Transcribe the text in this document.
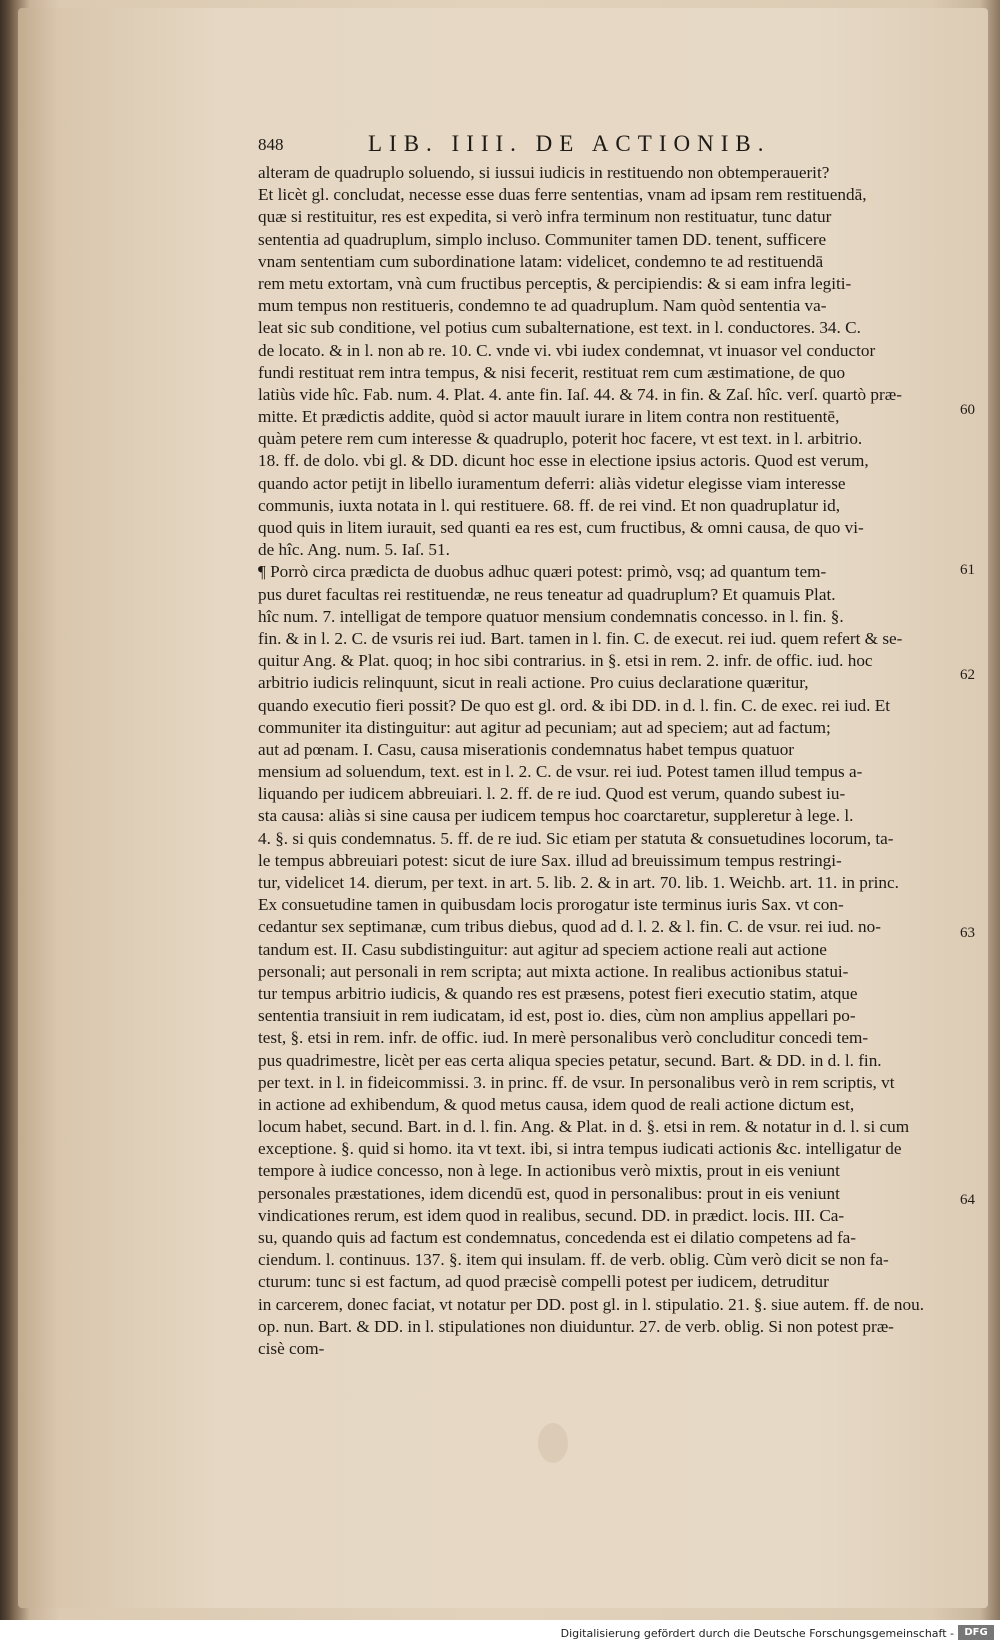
848	LIB. IIII. DE ACTIONIB.
alteram de quadruplo soluendo, si iussui iudicis in restituendo non obtemperauerit?
Et licèt gl. concludat, necesse esse duas ferre sententias, vnam ad ipsam rem restituendā,
quæ si restituitur, res est expedita, si verò infra terminum non restituatur, tunc datur
sententia ad quadruplum, simplo incluso. Communiter tamen DD. tenent, sufficere
vnam sententiam cum subordinatione latam: videlicet, condemno te ad restituendā
rem metu extortam, vnà cum fructibus perceptis, & percipiendis: & si eam infra legiti-
mum tempus non restitueris, condemno te ad quadruplum. Nam quòd sententia va-
leat sic sub conditione, vel potius cum subalternatione, est text. in l. conductores. 34. C.
de locato. & in l. non ab re. 10. C. vnde vi. vbi iudex condemnat, vt inuasor vel conductor
fundi restituat rem intra tempus, & nisi fecerit, restituat rem cum æstimatione, de quo
latiùs vide hîc. Fab. num. 4. Plat. 4. ante fin. Iaſ. 44. & 74. in fin. & Zaſ. hîc. verſ. quartò præ-
mitte. Et prædictis addite, quòd si actor mauult iurare in litem contra non restituentē,
quàm petere rem cum interesse & quadruplo, poterit hoc facere, vt est text. in l. arbitrio.
18. ff. de dolo. vbi gl. & DD. dicunt hoc esse in electione ipsius actoris. Quod est verum,
quando actor petijt in libello iuramentum deferri: aliàs videtur elegisse viam interesse
communis, iuxta notata in l. qui restituere. 68. ff. de rei vind. Et non quadruplatur id,
quod quis in litem iurauit, sed quanti ea res est, cum fructibus, & omni causa, de quo vi-
de hîc. Ang. num. 5. Iaſ. 51.
¶ Porrò circa prædicta de duobus adhuc quæri potest: primò, vsq; ad quantum tem-
pus duret facultas rei restituendæ, ne reus teneatur ad quadruplum? Et quamuis Plat.
hîc num. 7. intelligat de tempore quatuor mensium condemnatis concesso. in l. fin. §.
fin. & in l. 2. C. de vsuris rei iud. Bart. tamen in l. fin. C. de execut. rei iud. quem refert & se-
quitur Ang. & Plat. quoq; in hoc sibi contrarius. in §. etsi in rem. 2. infr. de offic. iud. hoc
arbitrio iudicis relinquunt, sicut in reali actione. Pro cuius declaratione quæritur,
quando executio fieri possit? De quo est gl. ord. & ibi DD. in d. l. fin. C. de exec. rei iud. Et
communiter ita distinguitur: aut agitur ad pecuniam; aut ad speciem; aut ad factum;
aut ad pœnam. I. Casu, causa miserationis condemnatus habet tempus quatuor
mensium ad soluendum, text. est in l. 2. C. de vsur. rei iud. Potest tamen illud tempus a-
liquando per iudicem abbreuiari. l. 2. ff. de re iud. Quod est verum, quando subest iu-
sta causa: aliàs si sine causa per iudicem tempus hoc coarctaretur, suppleretur à lege. l.
4. §. si quis condemnatus. 5. ff. de re iud. Sic etiam per statuta & consuetudines locorum, ta-
le tempus abbreuiari potest: sicut de iure Sax. illud ad breuissimum tempus restringi-
tur, videlicet 14. dierum, per text. in art. 5. lib. 2. & in art. 70. lib. 1. Weichb. art. 11. in princ.
Ex consuetudine tamen in quibusdam locis prorogatur iste terminus iuris Sax. vt con-
cedantur sex septimanæ, cum tribus diebus, quod ad d. l. 2. & l. fin. C. de vsur. rei iud. no-
tandum est. II. Casu subdistinguitur: aut agitur ad speciem actione reali aut actione
personali; aut personali in rem scripta; aut mixta actione. In realibus actionibus statui-
tur tempus arbitrio iudicis, & quando res est præsens, potest fieri executio statim, atque
sententia transiuit in rem iudicatam, id est, post io. dies, cùm non amplius appellari po-
test, §. etsi in rem. infr. de offic. iud. In merè personalibus verò concluditur concedi tem-
pus quadrimestre, licèt per eas certa aliqua species petatur, secund. Bart. & DD. in d. l. fin.
per text. in l. in fideicommissi. 3. in princ. ff. de vsur. In personalibus verò in rem scriptis, vt
in actione ad exhibendum, & quod metus causa, idem quod de reali actione dictum est,
locum habet, secund. Bart. in d. l. fin. Ang. & Plat. in d. §. etsi in rem. & notatur in d. l. si cum
exceptione. §. quid si homo. ita vt text. ibi, si intra tempus iudicati actionis &c. intelligatur de
tempore à iudice concesso, non à lege. In actionibus verò mixtis, prout in eis veniunt
personales præstationes, idem dicendū est, quod in personalibus: prout in eis veniunt
vindicationes rerum, est idem quod in realibus, secund. DD. in prædict. locis. III. Ca-
su, quando quis ad factum est condemnatus, concedenda est ei dilatio competens ad fa-
ciendum. l. continuus. 137. §. item qui insulam. ff. de verb. oblig. Cùm verò dicit se non fa-
cturum: tunc si est factum, ad quod præcisè compelli potest per iudicem, detruditur
in carcerem, donec faciat, vt notatur per DD. post gl. in l. stipulatio. 21. §. siue autem. ff. de nou.
op. nun. Bart. & DD. in l. stipulationes non diuiduntur. 27. de verb. oblig. Si non potest præ-
cisè com-
60
61
62
63
64
Digitalisierung gefördert durch die Deutsche Forschungsgemeinschaft -	DFG
